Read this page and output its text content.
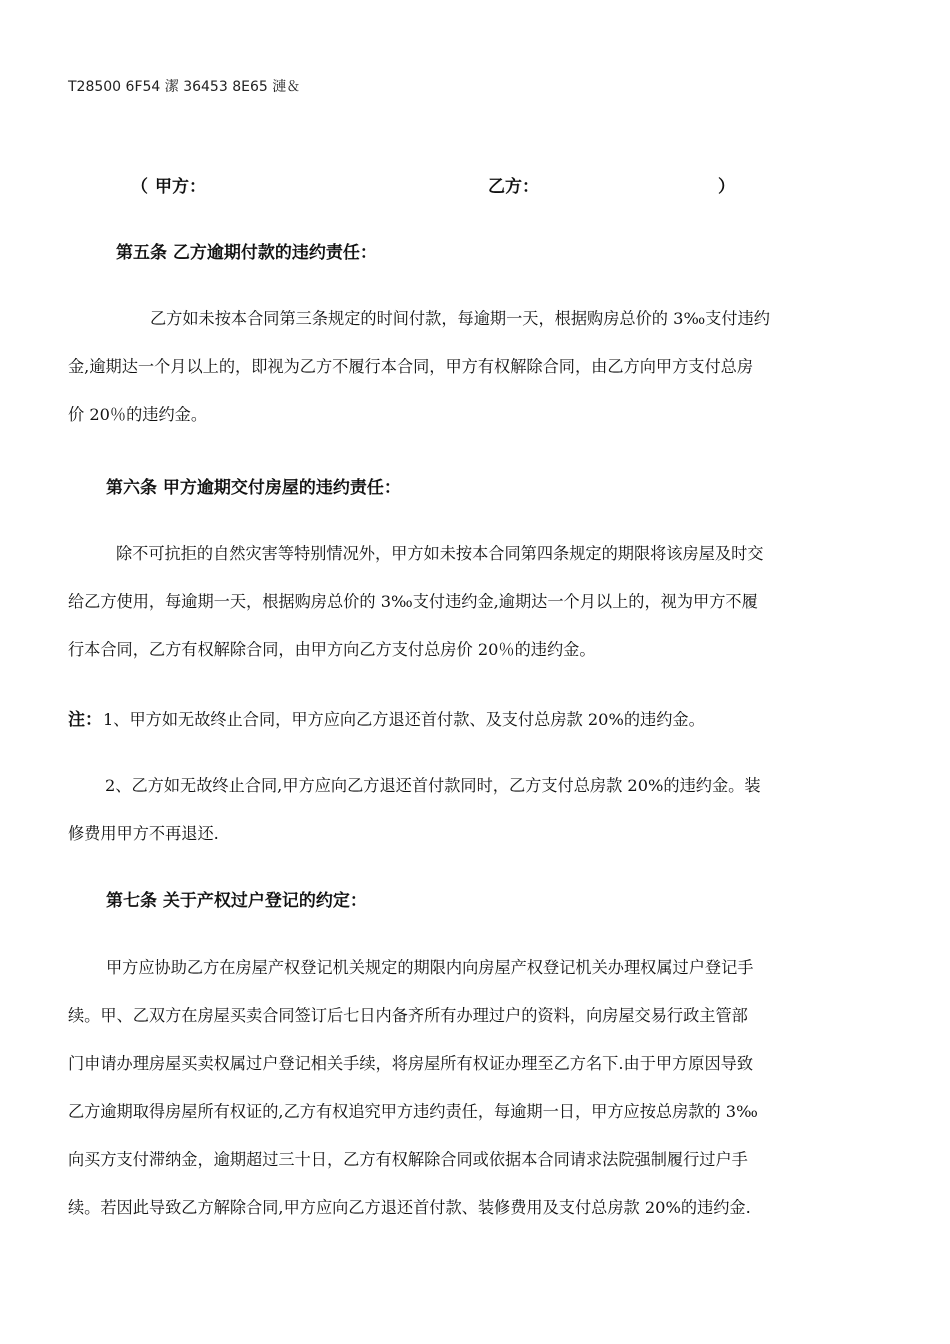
T28500 6F54 潔 36453 8E65 漣＆
（ 甲方：	乙方：	）
第五条 乙方逾期付款的违约责任：
乙方如未按本合同第三条规定的时间付款，每逾期一天，根据购房总价的 3‰支付违约
金,逾期达一个月以上的，即视为乙方不履行本合同，甲方有权解除合同，由乙方向甲方支付总房
价 20％的违约金。
第六条 甲方逾期交付房屋的违约责任：
除不可抗拒的自然灾害等特别情况外，甲方如未按本合同第四条规定的期限将该房屋及时交
给乙方使用，每逾期一天，根据购房总价的 3‰支付违约金,逾期达一个月以上的，视为甲方不履
行本合同，乙方有权解除合同，由甲方向乙方支付总房价 20％的违约金。
注： 1、甲方如无故终止合同，甲方应向乙方退还首付款、及支付总房款 20%的违约金。
2、乙方如无故终止合同,甲方应向乙方退还首付款同时，乙方支付总房款 20%的违约金。装
修费用甲方不再退还.
第七条 关于产权过户登记的约定：
甲方应协助乙方在房屋产权登记机关规定的期限内向房屋产权登记机关办理权属过户登记手
续。甲、乙双方在房屋买卖合同签订后七日内备齐所有办理过户的资料，向房屋交易行政主管部
门申请办理房屋买卖权属过户登记相关手续，将房屋所有权证办理至乙方名下.由于甲方原因导致
乙方逾期取得房屋所有权证的,乙方有权追究甲方违约责任，每逾期一日，甲方应按总房款的 3‰
向买方支付滞纳金，逾期超过三十日，乙方有权解除合同或依据本合同请求法院强制履行过户手
续。若因此导致乙方解除合同,甲方应向乙方退还首付款、装修费用及支付总房款 20%的违约金.
